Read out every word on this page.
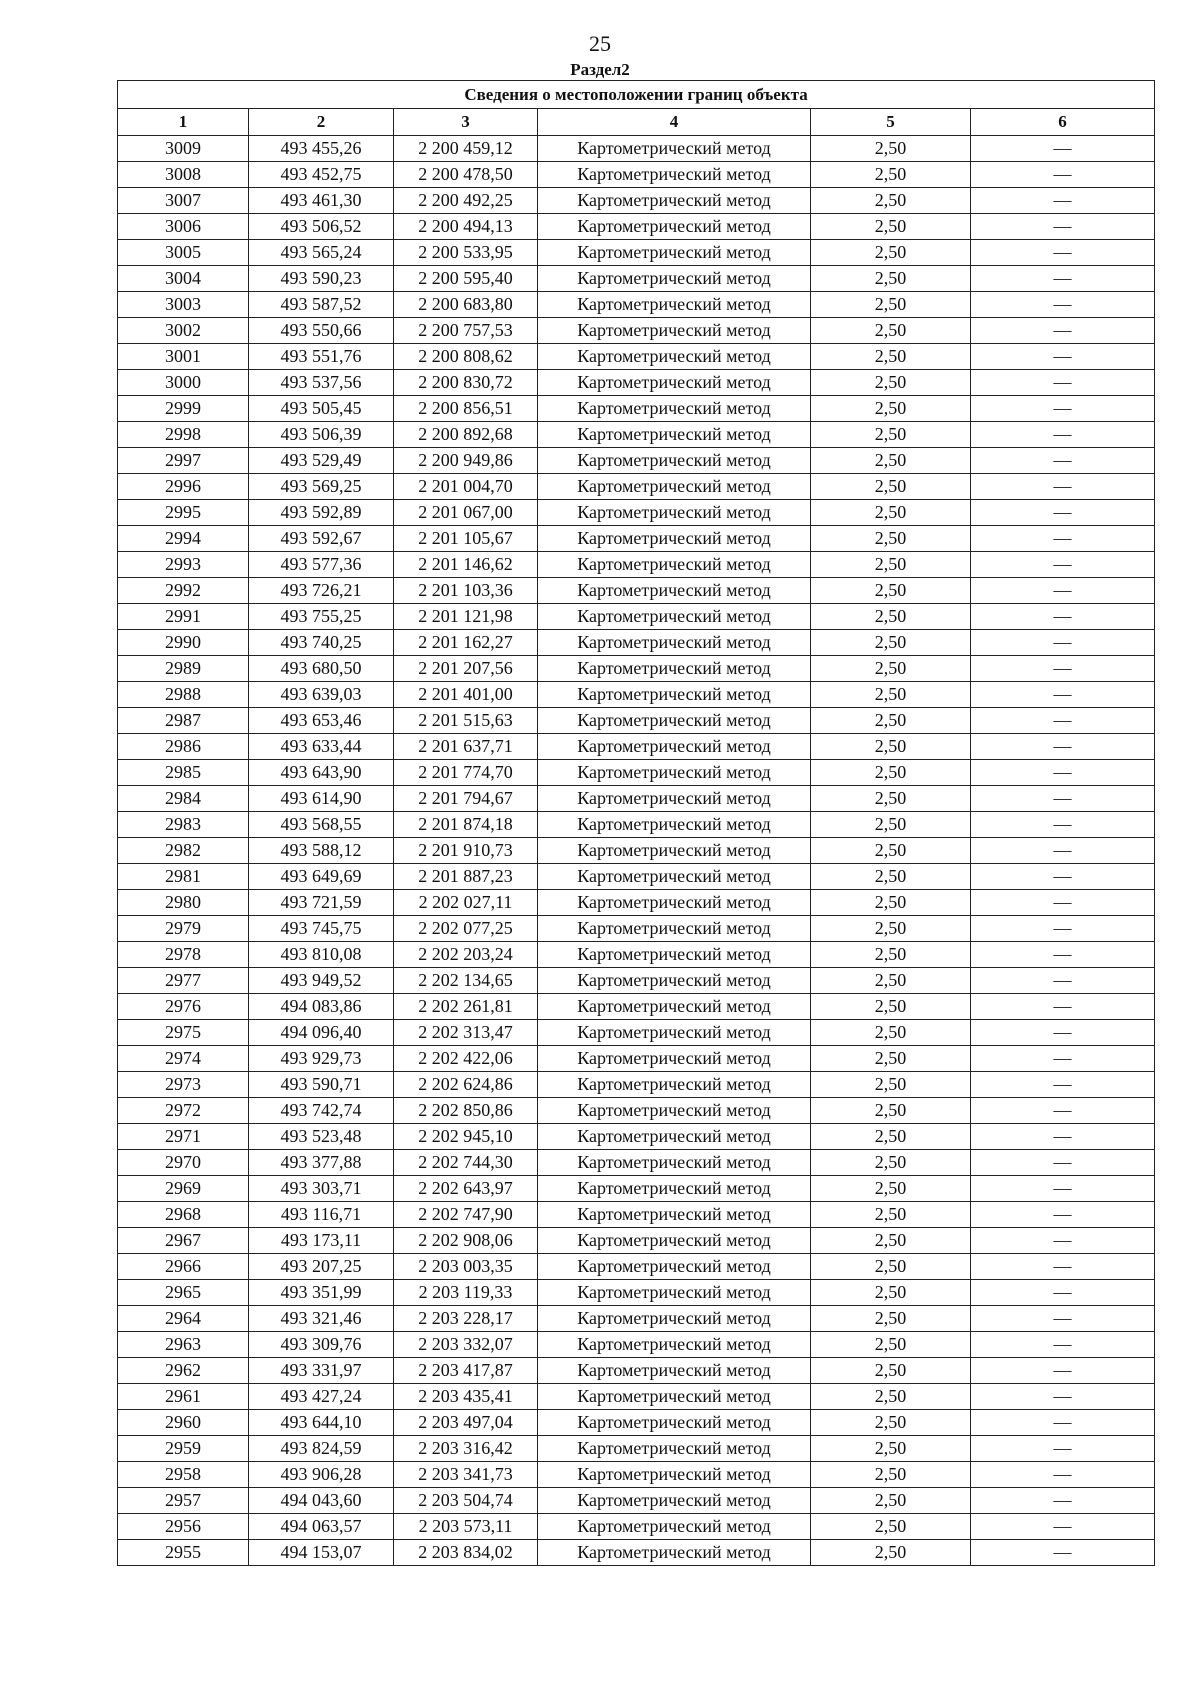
25
Раздел2
Сведения о местоположении границ объекта					
1	2	3	4	5	6
3009	493 455,26	2 200 459,12	Картометрический метод	2,50	—
3008	493 452,75	2 200 478,50	Картометрический метод	2,50	—
3007	493 461,30	2 200 492,25	Картометрический метод	2,50	—
3006	493 506,52	2 200 494,13	Картометрический метод	2,50	—
3005	493 565,24	2 200 533,95	Картометрический метод	2,50	—
3004	493 590,23	2 200 595,40	Картометрический метод	2,50	—
3003	493 587,52	2 200 683,80	Картометрический метод	2,50	—
3002	493 550,66	2 200 757,53	Картометрический метод	2,50	—
3001	493 551,76	2 200 808,62	Картометрический метод	2,50	—
3000	493 537,56	2 200 830,72	Картометрический метод	2,50	—
2999	493 505,45	2 200 856,51	Картометрический метод	2,50	—
2998	493 506,39	2 200 892,68	Картометрический метод	2,50	—
2997	493 529,49	2 200 949,86	Картометрический метод	2,50	—
2996	493 569,25	2 201 004,70	Картометрический метод	2,50	—
2995	493 592,89	2 201 067,00	Картометрический метод	2,50	—
2994	493 592,67	2 201 105,67	Картометрический метод	2,50	—
2993	493 577,36	2 201 146,62	Картометрический метод	2,50	—
2992	493 726,21	2 201 103,36	Картометрический метод	2,50	—
2991	493 755,25	2 201 121,98	Картометрический метод	2,50	—
2990	493 740,25	2 201 162,27	Картометрический метод	2,50	—
2989	493 680,50	2 201 207,56	Картометрический метод	2,50	—
2988	493 639,03	2 201 401,00	Картометрический метод	2,50	—
2987	493 653,46	2 201 515,63	Картометрический метод	2,50	—
2986	493 633,44	2 201 637,71	Картометрический метод	2,50	—
2985	493 643,90	2 201 774,70	Картометрический метод	2,50	—
2984	493 614,90	2 201 794,67	Картометрический метод	2,50	—
2983	493 568,55	2 201 874,18	Картометрический метод	2,50	—
2982	493 588,12	2 201 910,73	Картометрический метод	2,50	—
2981	493 649,69	2 201 887,23	Картометрический метод	2,50	—
2980	493 721,59	2 202 027,11	Картометрический метод	2,50	—
2979	493 745,75	2 202 077,25	Картометрический метод	2,50	—
2978	493 810,08	2 202 203,24	Картометрический метод	2,50	—
2977	493 949,52	2 202 134,65	Картометрический метод	2,50	—
2976	494 083,86	2 202 261,81	Картометрический метод	2,50	—
2975	494 096,40	2 202 313,47	Картометрический метод	2,50	—
2974	493 929,73	2 202 422,06	Картометрический метод	2,50	—
2973	493 590,71	2 202 624,86	Картометрический метод	2,50	—
2972	493 742,74	2 202 850,86	Картометрический метод	2,50	—
2971	493 523,48	2 202 945,10	Картометрический метод	2,50	—
2970	493 377,88	2 202 744,30	Картометрический метод	2,50	—
2969	493 303,71	2 202 643,97	Картометрический метод	2,50	—
2968	493 116,71	2 202 747,90	Картометрический метод	2,50	—
2967	493 173,11	2 202 908,06	Картометрический метод	2,50	—
2966	493 207,25	2 203 003,35	Картометрический метод	2,50	—
2965	493 351,99	2 203 119,33	Картометрический метод	2,50	—
2964	493 321,46	2 203 228,17	Картометрический метод	2,50	—
2963	493 309,76	2 203 332,07	Картометрический метод	2,50	—
2962	493 331,97	2 203 417,87	Картометрический метод	2,50	—
2961	493 427,24	2 203 435,41	Картометрический метод	2,50	—
2960	493 644,10	2 203 497,04	Картометрический метод	2,50	—
2959	493 824,59	2 203 316,42	Картометрический метод	2,50	—
2958	493 906,28	2 203 341,73	Картометрический метод	2,50	—
2957	494 043,60	2 203 504,74	Картометрический метод	2,50	—
2956	494 063,57	2 203 573,11	Картометрический метод	2,50	—
2955	494 153,07	2 203 834,02	Картометрический метод	2,50	—
